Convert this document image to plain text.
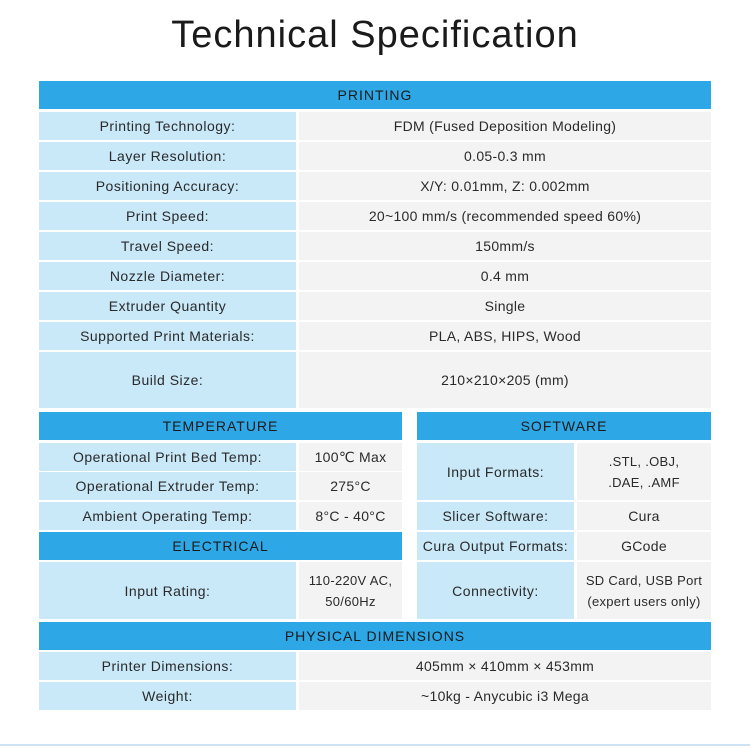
Technical Specification
PRINTING
Printing Technology:	FDM (Fused Deposition Modeling)
Layer Resolution:	0.05-0.3 mm
Positioning Accuracy:	X/Y: 0.01mm, Z: 0.002mm
Print Speed:	20~100 mm/s (recommended speed 60%)
Travel Speed:	150mm/s
Nozzle Diameter:	0.4 mm
Extruder Quantity	Single
Supported Print Materials:	PLA, ABS, HIPS, Wood
Build Size:	210×210×205 (mm)
TEMPERATURE
Operational Print Bed Temp:	100℃ Max
Operational Extruder Temp:	275°C
Ambient Operating Temp:	8°C - 40°C
ELECTRICAL
Input Rating:
110-220V AC,
50/60Hz
SOFTWARE
Input Formats:
.STL, .OBJ,
.DAE, .AMF
Slicer Software:	Cura
Cura Output Formats:	GCode
Connectivity:
SD Card, USB Port
(expert users only)
PHYSICAL DIMENSIONS
Printer Dimensions:	405mm × 410mm × 453mm
Weight:	~10kg - Anycubic i3 Mega
